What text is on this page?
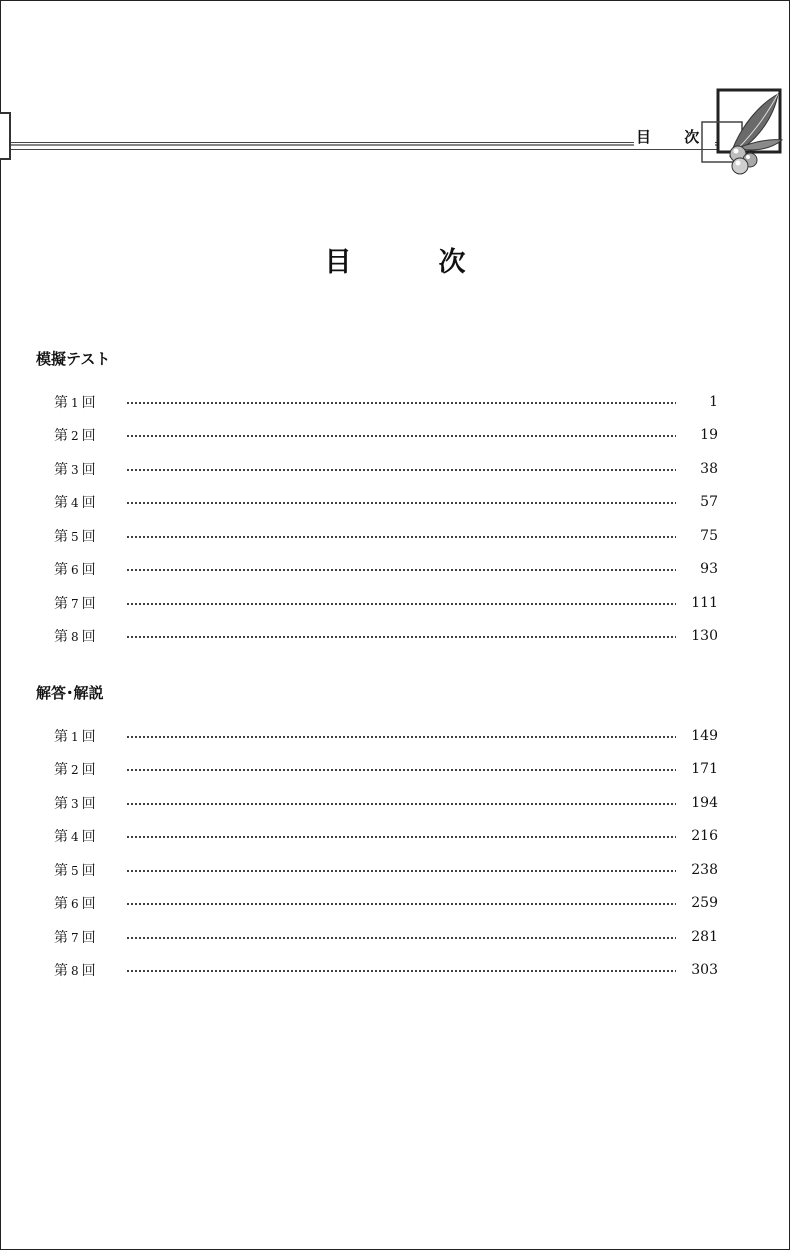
目 次
目　次
模擬テスト
第 1 回	1
第 2 回	19
第 3 回	38
第 4 回	57
第 5 回	75
第 6 回	93
第 7 回	111
第 8 回	130
解答･解説
第 1 回	149
第 2 回	171
第 3 回	194
第 4 回	216
第 5 回	238
第 6 回	259
第 7 回	281
第 8 回	303
